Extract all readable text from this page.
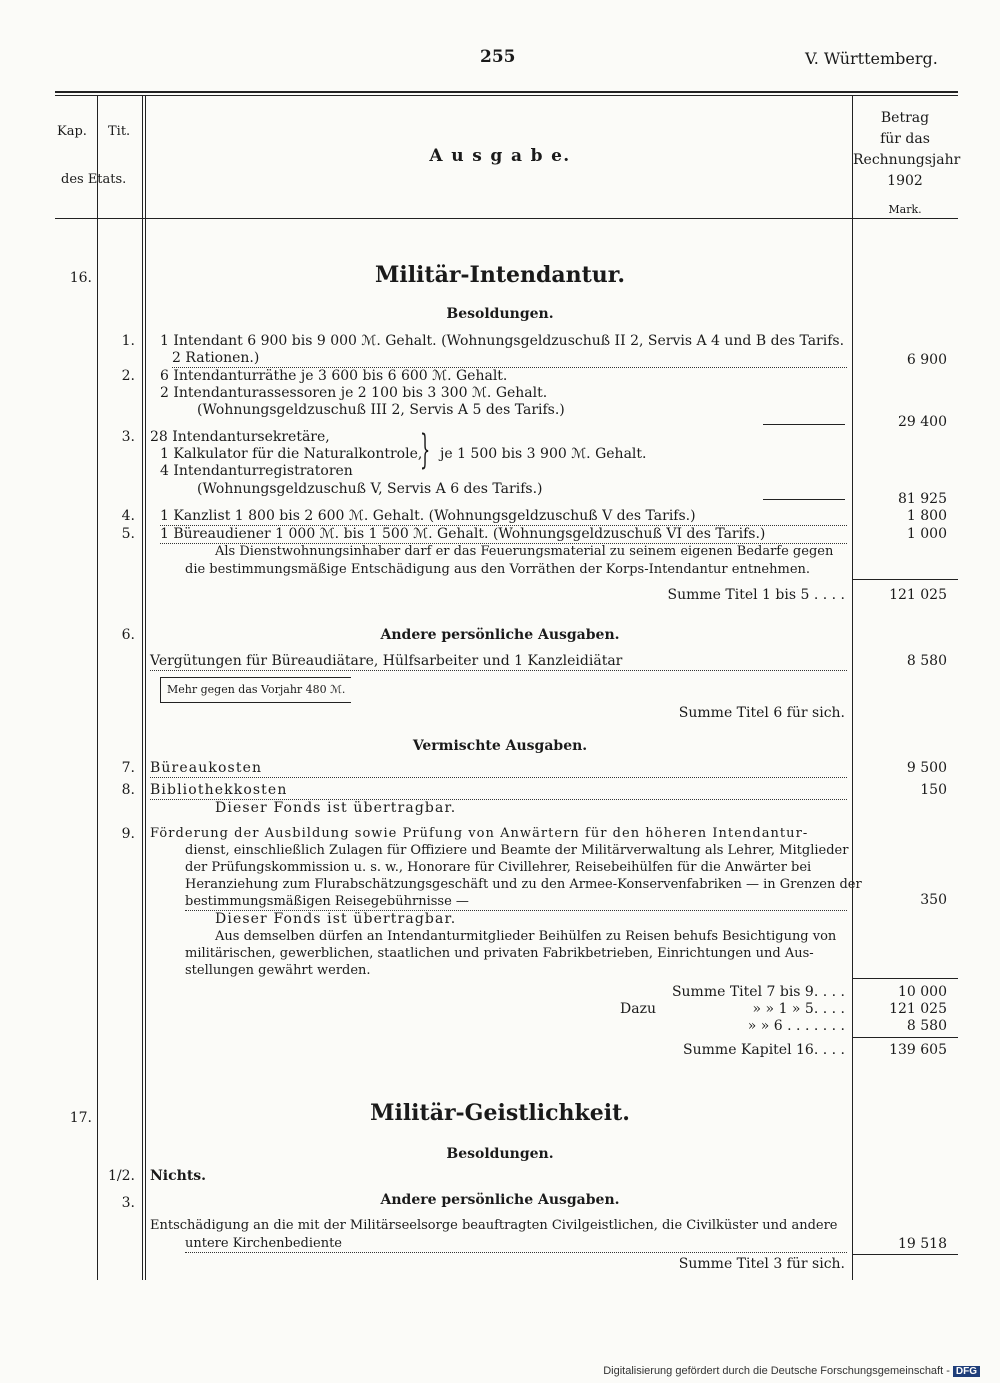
255	V. Württemberg.
Kap. Tit.
des Etats.
A u s g a b e.
Betrag
für das
Rechnungsjahr
1902
Mark.
16.	Militär-Intendantur.
Besoldungen.
1. 1 Intendant 6 900 bis 9 000 ℳ. Gehalt. (Wohnungsgeldzuschuß II 2, Servis A 4 und B des Tarifs.
2 Rationen.)	6 900
2. 6 Intendanturräthe je 3 600 bis 6 600 ℳ. Gehalt.
2 Intendanturassessoren je 2 100 bis 3 300 ℳ. Gehalt.
(Wohnungsgeldzuschuß III 2, Servis A 5 des Tarifs.)
29 400
3. 28 Intendantursekretäre,
1 Kalkulator für die Naturalkontrole,
4 Intendanturregistratoren } je 1 500 bis 3 900 ℳ. Gehalt.
(Wohnungsgeldzuschuß V, Servis A 6 des Tarifs.)
81 925
4. 1 Kanzlist 1 800 bis 2 600 ℳ. Gehalt. (Wohnungsgeldzuschuß V des Tarifs.)	1 800
5. 1 Büreaudiener 1 000 ℳ. bis 1 500 ℳ. Gehalt. (Wohnungsgeldzuschuß VI des Tarifs.)	1 000
Als Dienstwohnungsinhaber darf er das Feuerungsmaterial zu seinem eigenen Bedarfe gegen
die bestimmungsmäßige Entschädigung aus den Vorräthen der Korps-Intendantur entnehmen.
Summe Titel 1 bis 5 . . . .	121 025
Andere persönliche Ausgaben.
6.
Vergütungen für Büreaudiätare, Hülfsarbeiter und 1 Kanzleidiätar	8 580
Mehr gegen das Vorjahr 480 ℳ.
Summe Titel 6 für sich.
Vermischte Ausgaben.
7. Büreaukosten	9 500
8. Bibliothekkosten	150
Dieser Fonds ist übertragbar.
9. Förderung der Ausbildung sowie Prüfung von Anwärtern für den höheren Intendantur-
dienst, einschließlich Zulagen für Offiziere und Beamte der Militärverwaltung als Lehrer, Mitglieder
der Prüfungskommission u. s. w., Honorare für Civillehrer, Reisebeihülfen für die Anwärter bei
Heranziehung zum Flurabschätzungsgeschäft und zu den Armee-Konservenfabriken — in Grenzen der
bestimmungsmäßigen Reisegebührnisse —	350
Dieser Fonds ist übertragbar.
Aus demselben dürfen an Intendanturmitglieder Beihülfen zu Reisen behufs Besichtigung von
militärischen, gewerblichen, staatlichen und privaten Fabrikbetrieben, Einrichtungen und Aus-
stellungen gewährt werden.
Summe Titel 7 bis 9. . . .	10 000
Dazu	» » 1 » 5. . . .	121 025
» » 6 . . . . . . .	8 580
Summe Kapitel 16. . . .	139 605
17.	Militär-Geistlichkeit.
Besoldungen.
1/2. Nichts.
Andere persönliche Ausgaben.
3.
Entschädigung an die mit der Militärseelsorge beauftragten Civilgeistlichen, die Civilküster und andere
untere Kirchenbediente	19 518
Summe Titel 3 für sich.
Digitalisierung gefördert durch die Deutsche Forschungsgemeinschaft - DFG
